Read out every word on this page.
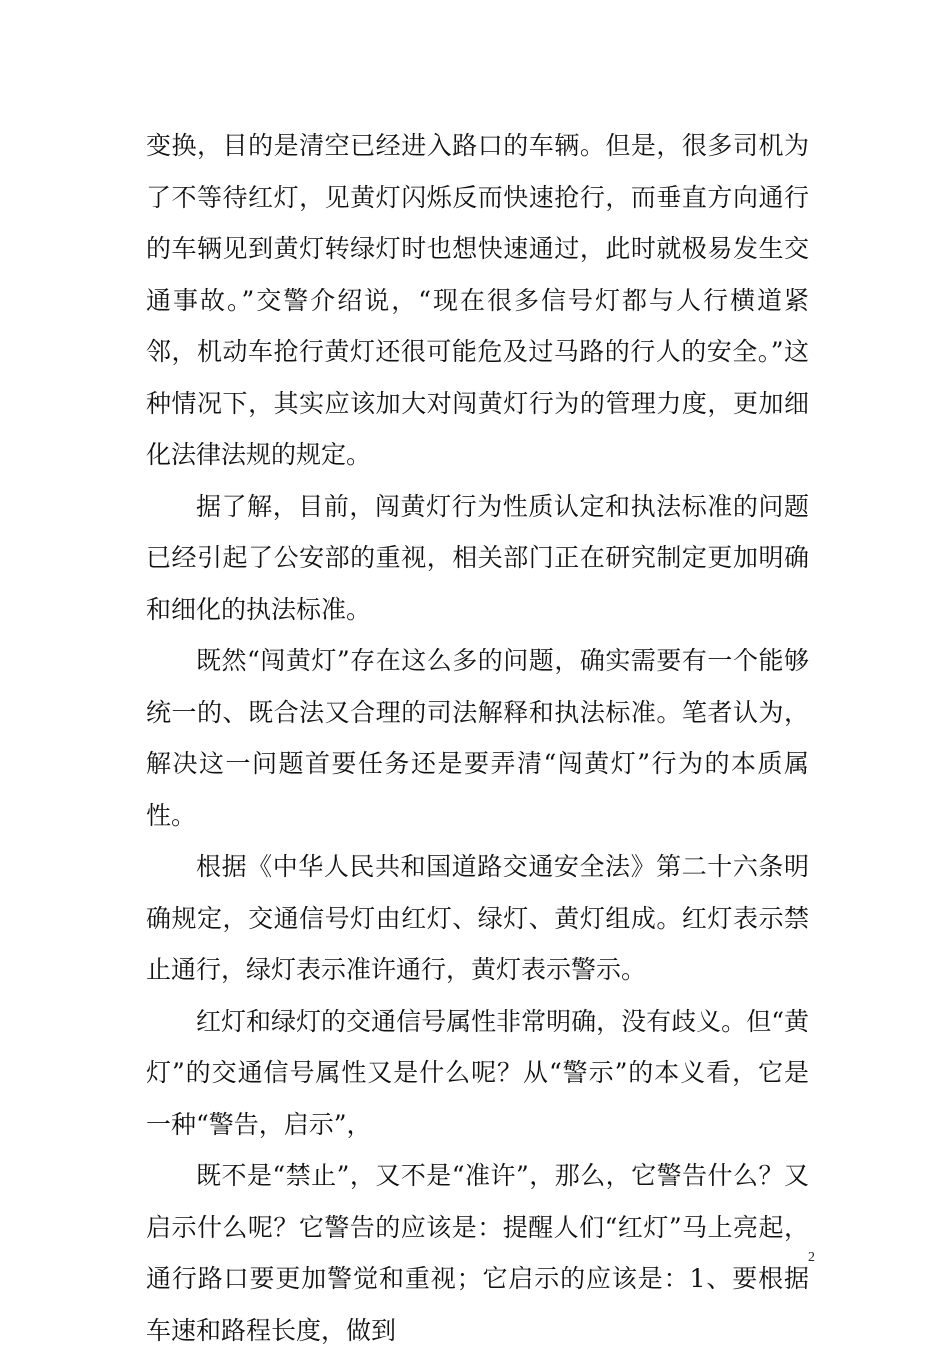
变换，目的是清空已经进入路口的车辆。但是，很多司机为了不等待红灯，见黄灯闪烁反而快速抢行，而垂直方向通行的车辆见到黄灯转绿灯时也想快速通过，此时就极易发生交通事故。”交警介绍说，“现在很多信号灯都与人行横道紧邻，机动车抢行黄灯还很可能危及过马路的行人的安全。”这种情况下，其实应该加大对闯黄灯行为的管理力度，更加细化法律法规的规定。

据了解，目前，闯黄灯行为性质认定和执法标准的问题已经引起了公安部的重视，相关部门正在研究制定更加明确和细化的执法标准。

既然“闯黄灯”存在这么多的问题，确实需要有一个能够统一的、既合法又合理的司法解释和执法标准。笔者认为，解决这一问题首要任务还是要弄清“闯黄灯”行为的本质属性。

根据《中华人民共和国道路交通安全法》第二十六条明确规定，交通信号灯由红灯、绿灯、黄灯组成。红灯表示禁止通行，绿灯表示准许通行，黄灯表示警示。

红灯和绿灯的交通信号属性非常明确，没有歧义。但“黄灯”的交通信号属性又是什么呢？从“警示”的本义看，它是一种“警告，启示”，

既不是“禁止”，又不是“准许”，那么，它警告什么？又启示什么呢？它警告的应该是：提醒人们“红灯”马上亮起，通行路口要更加警觉和重视；它启示的应该是：1、要根据车速和路程长度，做到

2
